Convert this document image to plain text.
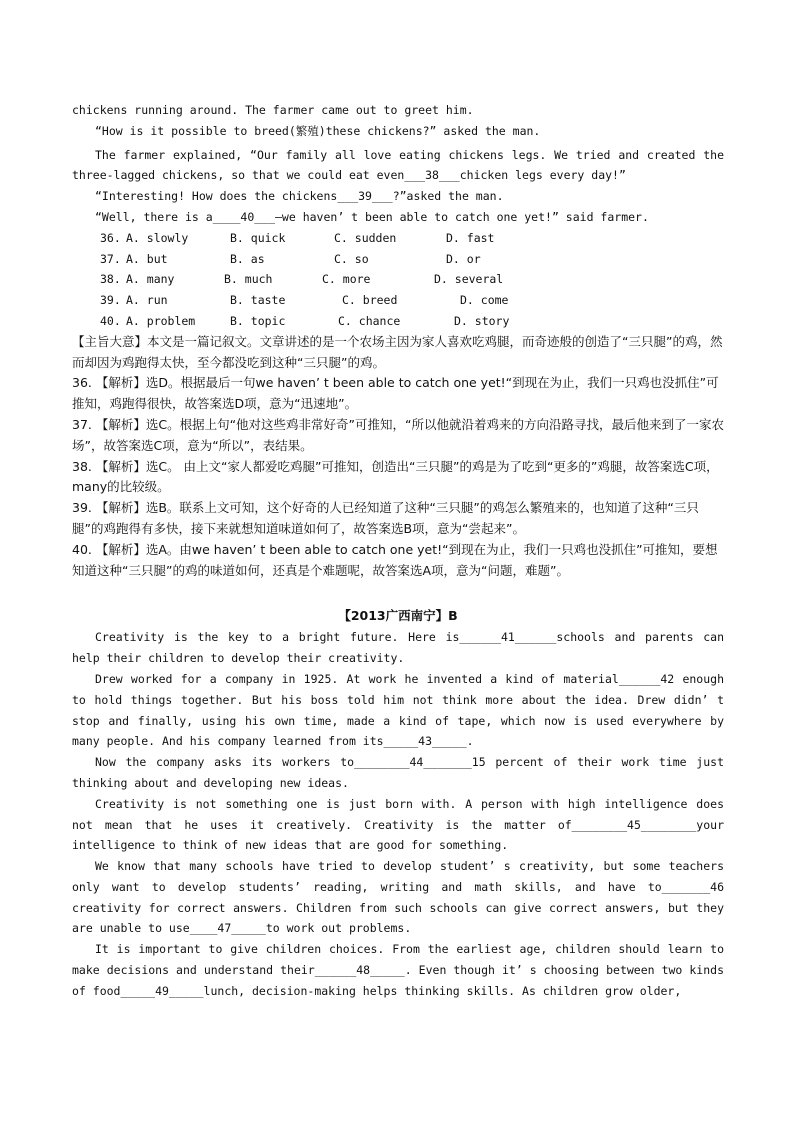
chickens running around. The farmer came out to greet him.

“How is it possible to breed(繁殖)these chickens?” asked the man.

The farmer explained, “Our family all love eating chickens legs. We tried and created the three-lagged chickens, so that we could eat even___38___chicken legs every day!”

“Interesting! How does the chickens___39___?”asked the man.

“Well, there is a____40___—we haven’ t been able to catch one yet!” said farmer.

36. A. slowly	B. quick	C. sudden	D. fast
37. A. but	B. as	C. so	D. or
38. A. many	B. much	C. more	D. several
39. A. run	B. taste	C. breed	D. come
40. A. problem	B. topic	C. chance	D. story

【主旨大意】本文是一篇记叙文。文章讲述的是一个农场主因为家人喜欢吃鸡腿，而奇迹般的创造了“三只腿”的鸡，然而却因为鸡跑得太快，至今都没吃到这种“三只腿”的鸡。

36. 【解析】选D。根据最后一句we haven’ t been able to catch one yet!“到现在为止，我们一只鸡也没抓住”可推知，鸡跑得很快，故答案选D项，意为“迅速地”。

37. 【解析】选C。根据上句“他对这些鸡非常好奇”可推知，“所以他就沿着鸡来的方向沿路寻找，最后他来到了一家农场”，故答案选C项，意为“所以”，表结果。

38. 【解析】选C。 由上文“家人都爱吃鸡腿”可推知，创造出“三只腿”的鸡是为了吃到“更多的”鸡腿，故答案选C项，many的比较级。

39. 【解析】选B。联系上文可知，这个好奇的人已经知道了这种“三只腿”的鸡怎么繁殖来的，也知道了这种“三只腿”的鸡跑得有多快，接下来就想知道味道如何了，故答案选B项，意为“尝起来”。

40. 【解析】选A。由we haven’ t been able to catch one yet!“到现在为止，我们一只鸡也没抓住”可推知，要想知道这种“三只腿”的鸡的味道如何，还真是个难题呢，故答案选A项，意为“问题，难题”。

【2013广西南宁】B

Creativity is the key to a bright future. Here is______41______schools and parents can help their children to develop their creativity.

Drew worked for a company in 1925. At work he invented a kind of material______42 enough to hold things together. But his boss told him not think more about the idea. Drew didn’ t stop and finally, using his own time, made a kind of tape, which now is used everywhere by many people. And his company learned from its_____43_____.

Now the company asks its workers to________44_______15 percent of their work time just thinking about and developing new ideas.

Creativity is not something one is just born with. A person with high intelligence does not mean that he uses it creatively. Creativity is the matter of________45________your intelligence to think of new ideas that are good for something.

We know that many schools have tried to develop student’ s creativity, but some teachers only want to develop students’ reading, writing and math skills, and have to_______46 creativity for correct answers. Children from such schools can give correct answers, but they are unable to use____47_____to work out problems.

It is important to give children choices. From the earliest age, children should learn to make decisions and understand their______48_____. Even though it’ s choosing between two kinds of food_____49_____lunch, decision-making helps thinking skills. As children grow older,
